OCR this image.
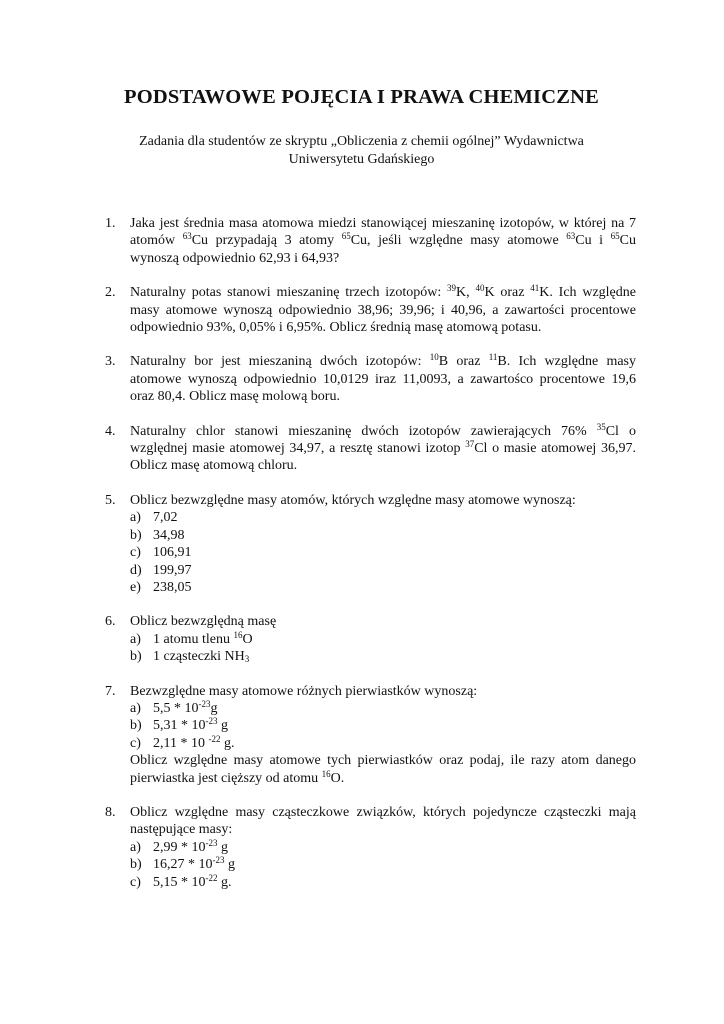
PODSTAWOWE POJĘCIA I PRAWA CHEMICZNE
Zadania dla studentów ze skryptu „Obliczenia z chemii ogólnej” Wydawnictwa
Uniwersytetu Gdańskiego
1. Jaka jest średnia masa atomowa miedzi stanowiącej mieszaninę izotopów, w której na 7 atomów $^{63}$Cu przypadają 3 atomy $^{65}$Cu, jeśli względne masy atomowe $^{63}$Cu i $^{65}$Cu wynoszą odpowiednio 62,93 i 64,93?
2. Naturalny potas stanowi mieszaninę trzech izotopów: $^{39}$K, $^{40}$K oraz $^{41}$K. Ich względne masy atomowe wynoszą odpowiednio 38,96; 39,96; i 40,96, a zawartości procentowe odpowiednio 93%, 0,05% i 6,95%. Oblicz średnią masę atomową potasu.
3. Naturalny bor jest mieszaniną dwóch izotopów: $^{10}$B oraz $^{11}$B. Ich względne masy atomowe wynoszą odpowiednio 10,0129 iraz 11,0093, a zawartośco procentowe 19,6 oraz 80,4. Oblicz masę molową boru.
4. Naturalny chlor stanowi mieszaninę dwóch izotopów zawierających 76% $^{35}$Cl o względnej masie atomowej 34,97, a resztę stanowi izotop $^{37}$Cl o masie atomowej 36,97. Oblicz masę atomową chloru.
5. Oblicz bezwzględne masy atomów, których względne masy atomowe wynoszą:
a) 7,02
b) 34,98
c) 106,91
d) 199,97
e) 238,05
6. Oblicz bezwzględną masę
a) 1 atomu tlenu $^{16}$O
b) 1 cząsteczki $NH_3$
7. Bezwzględne masy atomowe różnych pierwiastków wynoszą:
a) $5,5 * 10^{-23}g$
b) $5,31 * 10^{-23}$ g
c) 2,11 * 10 $^{-22}$ g.
Oblicz względne masy atomowe tych pierwiastków oraz podaj, ile razy atom danego pierwiastka jest cięższy od atomu $^{16}$O.
8. Oblicz względne masy cząsteczkowe związków, których pojedyncze cząsteczki mają następujące masy:
a) $2,99 * 10^{-23}$ g
b) $16,27 * 10^{-23}$ g
c) $5,15 * 10^{-22}$ g.
